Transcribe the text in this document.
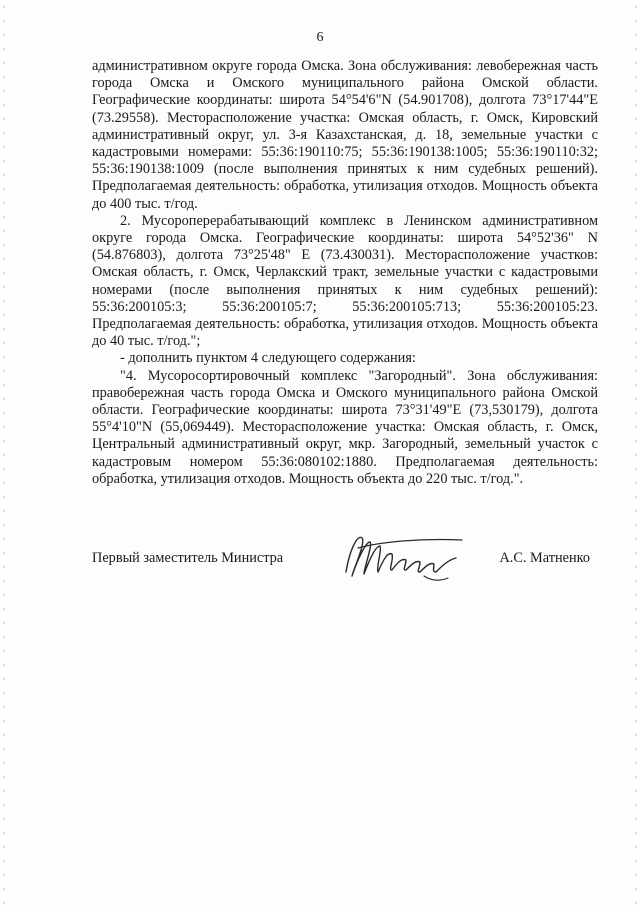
6

административном округе города Омска. Зона обслуживания: левобережная часть города Омска и Омского муниципального района Омской области. Географические координаты: широта 54°54'6"N (54.901708), долгота 73°17'44"E (73.29558). Месторасположение участка: Омская область, г. Омск, Кировский административный округ, ул. 3-я Казахстанская, д. 18, земельные участки с кадастровыми номерами: 55:36:190110:75; 55:36:190138:1005; 55:36:190110:32; 55:36:190138:1009 (после выполнения принятых к ним судебных решений). Предполагаемая деятельность: обработка, утилизация отходов. Мощность объекта до 400 тыс. т/год.

2. Мусороперерабатывающий комплекс в Ленинском административном округе города Омска. Географические координаты: широта 54°52'36" N (54.876803), долгота 73°25'48" E (73.430031). Месторасположение участков: Омская область, г. Омск, Черлакский тракт, земельные участки с кадастровыми номерами (после выполнения принятых к ним судебных решений): 55:36:200105:3; 55:36:200105:7; 55:36:200105:713; 55:36:200105:23. Предполагаемая деятельность: обработка, утилизация отходов. Мощность объекта до 40 тыс. т/год.";

- дополнить пунктом 4 следующего содержания:

"4. Мусоросортировочный комплекс "Загородный". Зона обслуживания: правобережная часть города Омска и Омского муниципального района Омской области. Географические координаты: широта 73°31'49"E (73,530179), долгота 55°4'10"N (55,069449). Месторасположение участка: Омская область, г. Омск, Центральный административный округ, мкр. Загородный, земельный участок с кадастровым номером 55:36:080102:1880. Предполагаемая деятельность: обработка, утилизация отходов. Мощность объекта до 220 тыс. т/год.".

Первый заместитель Министра	А.С. Матненко
